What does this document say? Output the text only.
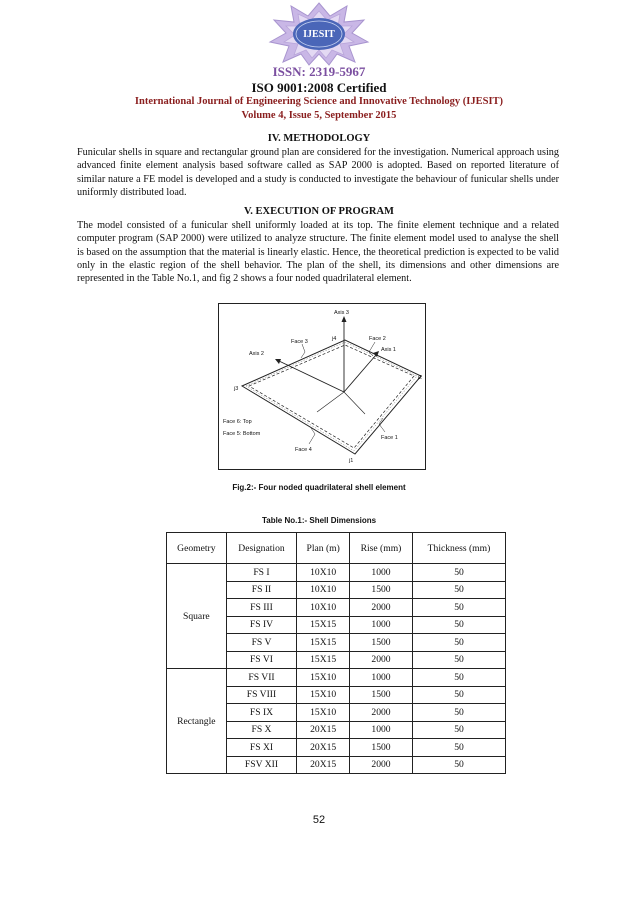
IJESIT
ISSN: 2319-5967
ISO 9001:2008 Certified
International Journal of Engineering Science and Innovative Technology (IJESIT)
Volume 4, Issue 5, September 2015
IV. METHODOLOGY

Funicular shells in square and rectangular ground plan are considered for the investigation. Numerical approach using advanced finite element analysis based software called as SAP 2000 is adopted. Based on reported literature of similar nature a FE model is developed and a study is conducted to investigate the behaviour of funicular shells under uniformly distributed load.

V. EXECUTION OF PROGRAM

The model consisted of a funicular shell uniformly loaded at its top. The finite element technique and a related computer program (SAP 2000) were utilized to analyze structure. The finite element model used to analyse the shell is based on the assumption that the material is linearly elastic. Hence, the theoretical prediction is expected to be valid only in the elastic region of the shell behavior. The plan of the shell, its dimensions and other dimensions are represented in the Table No.1, and fig 2 shows a four noded quadrilateral element.

Axis 3
Axis 2
Axis 1
Face 3	Face 2
Face 1
Face 4
Face 6: Top
Face 5: Bottom
j1
j2
j3
j4
Fig.2:- Four noded quadrilateral shell element
Table No.1:- Shell Dimensions
Geometry	Designation	Plan (m)	Rise (mm)	Thickness (mm)
Square	FS I	10X10	1000	50
	FS II	10X10	1500	50
	FS III	10X10	2000	50
	FS IV	15X15	1000	50
	FS V	15X15	1500	50
	FS VI	15X15	2000	50
Rectangle	FS VII	15X10	1000	50
	FS VIII	15X10	1500	50
	FS IX	15X10	2000	50
	FS X	20X15	1000	50
	FS XI	20X15	1500	50
	FSV XII	20X15	2000	50
52
